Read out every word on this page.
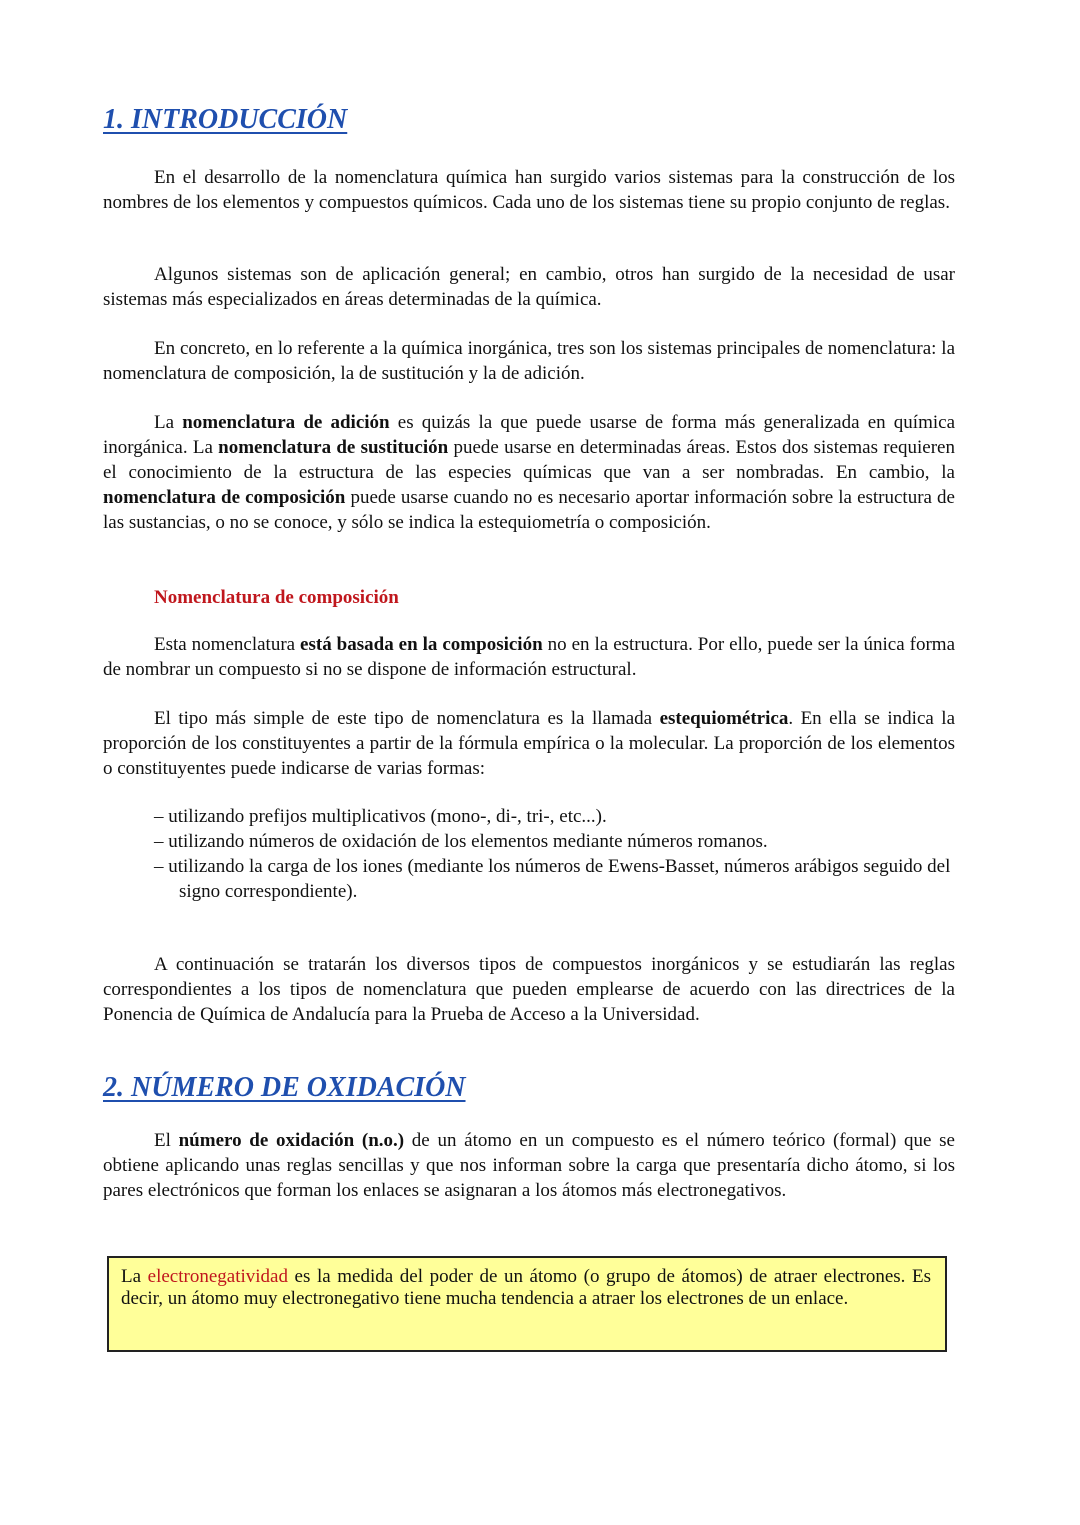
1. INTRODUCCIÓN

En el desarrollo de la nomenclatura química han surgido varios sistemas para la construcción de los nombres de los elementos y compuestos químicos. Cada uno de los sistemas tiene su propio conjunto de reglas.

Algunos sistemas son de aplicación general; en cambio, otros han surgido de la necesidad de usar sistemas más especializados en áreas determinadas de la química.

En concreto, en lo referente a la química inorgánica, tres son los sistemas principales de nomenclatura: la nomenclatura de composición, la de sustitución y la de adición.

La nomenclatura de adición es quizás la que puede usarse de forma más generalizada en química inorgánica. La nomenclatura de sustitución puede usarse en determinadas áreas. Estos dos sistemas requieren el conocimiento de la estructura de las especies químicas que van a ser nombradas. En cambio, la nomenclatura de composición puede usarse cuando no es necesario aportar información sobre la estructura de las sustancias, o no se conoce, y sólo se indica la estequiometría o composición.

Nomenclatura de composición

Esta nomenclatura está basada en la composición no en la estructura. Por ello, puede ser la única forma de nombrar un compuesto si no se dispone de información estructural.

El tipo más simple de este tipo de nomenclatura es la llamada estequiométrica. En ella se indica la proporción de los constituyentes a partir de la fórmula empírica o la molecular. La proporción de los elementos o constituyentes puede indicarse de varias formas:

– utilizando prefijos multiplicativos (mono-, di-, tri-, etc...).
– utilizando números de oxidación de los elementos mediante números romanos.
– utilizando la carga de los iones (mediante los números de Ewens-Basset, números arábigos seguido del signo correspondiente).

A continuación se tratarán los diversos tipos de compuestos inorgánicos y se estudiarán las reglas correspondientes a los tipos de nomenclatura que pueden emplearse de acuerdo con las directrices de la Ponencia de Química de Andalucía para la Prueba de Acceso a la Universidad.

2. NÚMERO DE OXIDACIÓN

El número de oxidación (n.o.) de un átomo en un compuesto es el número teórico (formal) que se obtiene aplicando unas reglas sencillas y que nos informan sobre la carga que presentaría dicho átomo, si los pares electrónicos que forman los enlaces se asignaran a los átomos más electronegativos.

La electronegatividad es la medida del poder de un átomo (o grupo de átomos) de atraer electrones. Es decir, un átomo muy electronegativo tiene mucha tendencia a atraer los electrones de un enlace.
